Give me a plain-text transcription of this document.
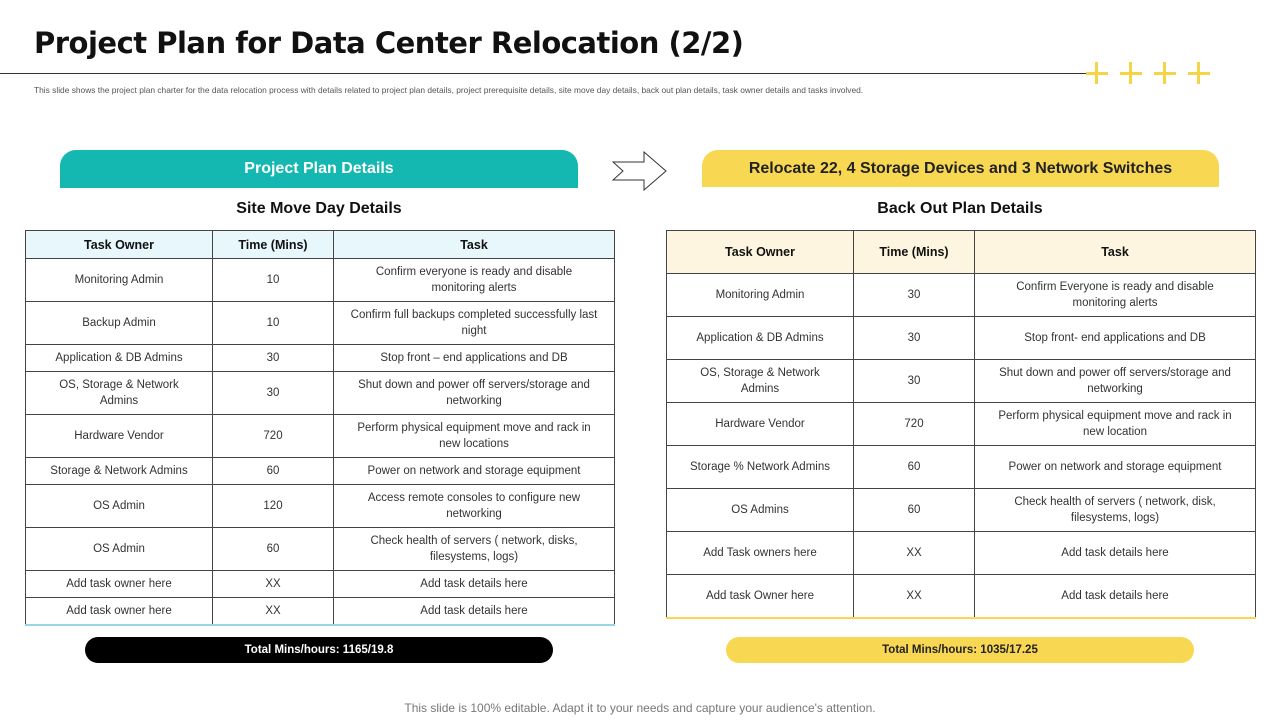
Project Plan for Data Center Relocation (2/2)
This slide shows the project plan charter for the data relocation process with details related to project plan details, project prerequisite details, site move day details, back out plan details, task owner details and tasks involved.
Project Plan Details	Relocate 22, 4 Storage Devices and 3 Network Switches
Site Move Day Details	Back Out Plan Details
Task Owner	Time (Mins)	Task
Monitoring Admin	10	Confirm everyone is ready and disable monitoring alerts
Backup Admin	10	Confirm full backups completed successfully last night
Application & DB Admins	30	Stop front – end applications and DB
OS, Storage & Network Admins	30	Shut down and power off servers/storage and networking
Hardware Vendor	720	Perform physical equipment move and rack in new locations
Storage & Network Admins	60	Power on network and storage equipment
OS Admin	120	Access remote consoles to configure new networking
OS Admin	60	Check health of servers ( network, disks, filesystems, logs)
Add task owner here	XX	Add task details here
Add task owner here	XX	Add task details here
Task Owner	Time (Mins)	Task
Monitoring Admin	30	Confirm Everyone is ready and disable monitoring alerts
Application & DB Admins	30	Stop front- end applications and DB
OS, Storage & Network Admins	30	Shut down and power off servers/storage and networking
Hardware Vendor	720	Perform physical equipment move and rack in new location
Storage % Network Admins	60	Power on network and storage equipment
OS Admins	60	Check health of servers ( network, disk, filesystems, logs)
Add Task owners here	XX	Add task details here
Add task Owner here	XX	Add task details here
Total Mins/hours: 1165/19.8	Total Mins/hours: 1035/17.25
This slide is 100% editable. Adapt it to your needs and capture your audience's attention.
